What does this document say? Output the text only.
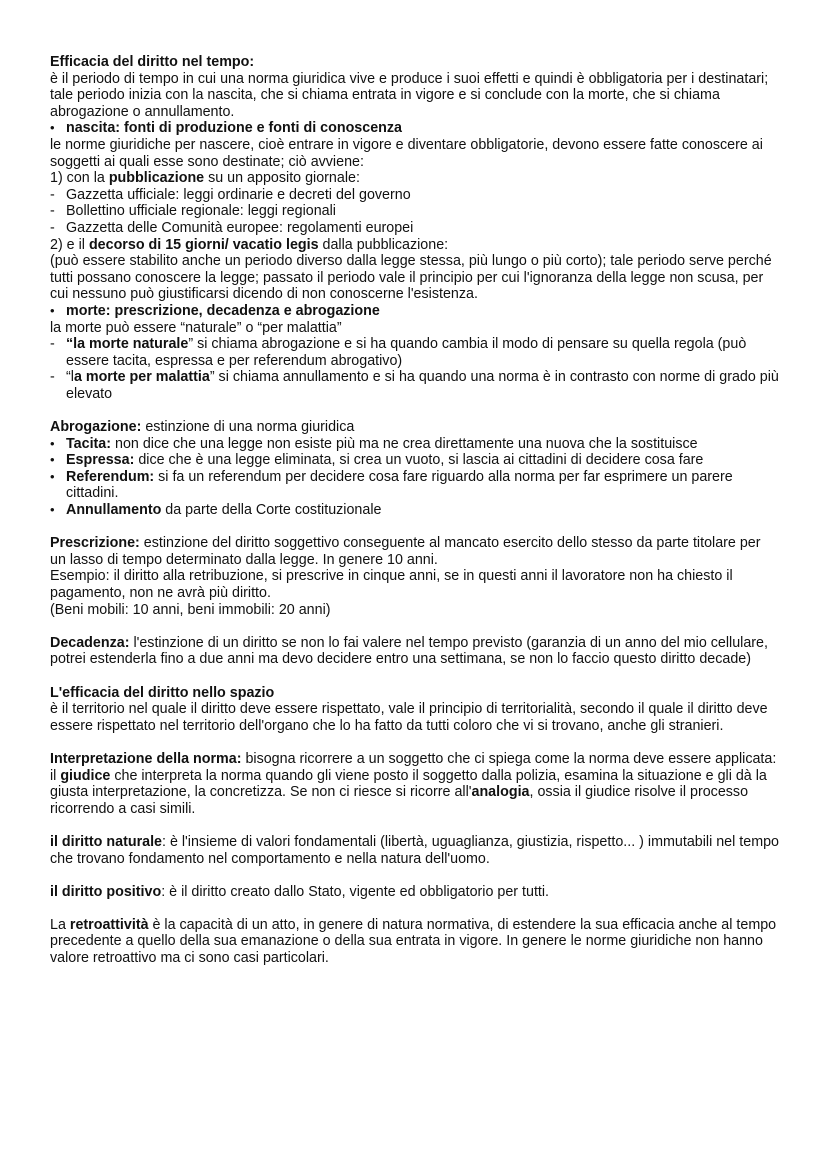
Efficacia del diritto nel tempo:

è il periodo di tempo in cui una norma giuridica vive e produce i suoi effetti e quindi è obbligatoria per i destinatari; tale periodo inizia con la nascita, che si chiama entrata in vigore e si conclude con la morte, che si chiama abrogazione o annullamento.

• nascita: fonti di produzione e fonti di conoscenza

le norme giuridiche per nascere, cioè entrare in vigore e diventare obbligatorie, devono essere fatte conoscere ai soggetti ai quali esse sono destinate; ciò avviene:

1) con la pubblicazione su un apposito giornale:

- Gazzetta ufficiale: leggi ordinarie e decreti del governo
- Bollettino ufficiale regionale: leggi regionali
- Gazzetta delle Comunità europee: regolamenti europei

2) e il decorso di 15 giorni/ vacatio legis dalla pubblicazione:

(può essere stabilito anche un periodo diverso dalla legge stessa, più lungo o più corto); tale periodo serve perché tutti possano conoscere la legge; passato il periodo vale il principio per cui l'ignoranza della legge non scusa, per cui nessuno può giustificarsi dicendo di non conoscerne l'esistenza.

• morte: prescrizione, decadenza e abrogazione

la morte può essere “naturale” o “per malattia”

- “la morte naturale” si chiama abrogazione e si ha quando cambia il modo di pensare su quella regola (può essere tacita, espressa e per referendum abrogativo)
- “la morte per malattia” si chiama annullamento e si ha quando una norma è in contrasto con norme di grado più elevato

Abrogazione: estinzione di una norma giuridica

• Tacita: non dice che una legge non esiste più ma ne crea direttamente una nuova che la sostituisce
• Espressa: dice che è una legge eliminata, si crea un vuoto, si lascia ai cittadini di decidere cosa fare
• Referendum: si fa un referendum per decidere cosa fare riguardo alla norma per far esprimere un parere cittadini.
• Annullamento da parte della Corte costituzionale

Prescrizione: estinzione del diritto soggettivo conseguente al mancato esercito dello stesso da parte titolare per un lasso di tempo determinato dalla legge. In genere 10 anni.

Esempio: il diritto alla retribuzione, si prescrive in cinque anni, se in questi anni il lavoratore non ha chiesto il pagamento, non ne avrà più diritto.

(Beni mobili: 10 anni, beni immobili: 20 anni)

Decadenza: l'estinzione di un diritto se non lo fai valere nel tempo previsto (garanzia di un anno del mio cellulare, potrei estenderla fino a due anni ma devo decidere entro una settimana, se non lo faccio questo diritto decade)

L'efficacia del diritto nello spazio

è il territorio nel quale il diritto deve essere rispettato, vale il principio di territorialità, secondo il quale il diritto deve essere rispettato nel territorio dell'organo che lo ha fatto da tutti coloro che vi si trovano, anche gli stranieri.

Interpretazione della norma: bisogna ricorrere a un soggetto che ci spiega come la norma deve essere applicata: il giudice che interpreta la norma quando gli viene posto il soggetto dalla polizia, esamina la situazione e gli dà la giusta interpretazione, la concretizza. Se non ci riesce si ricorre all'analogia, ossia il giudice risolve il processo ricorrendo a casi simili.

il diritto naturale: è l'insieme di valori fondamentali (libertà, uguaglianza, giustizia, rispetto... ) immutabili nel tempo che trovano fondamento nel comportamento e nella natura dell'uomo.

il diritto positivo: è il diritto creato dallo Stato, vigente ed obbligatorio per tutti.

La retroattività è la capacità di un atto, in genere di natura normativa, di estendere la sua efficacia anche al tempo precedente a quello della sua emanazione o della sua entrata in vigore. In genere le norme giuridiche non hanno valore retroattivo ma ci sono casi particolari.
